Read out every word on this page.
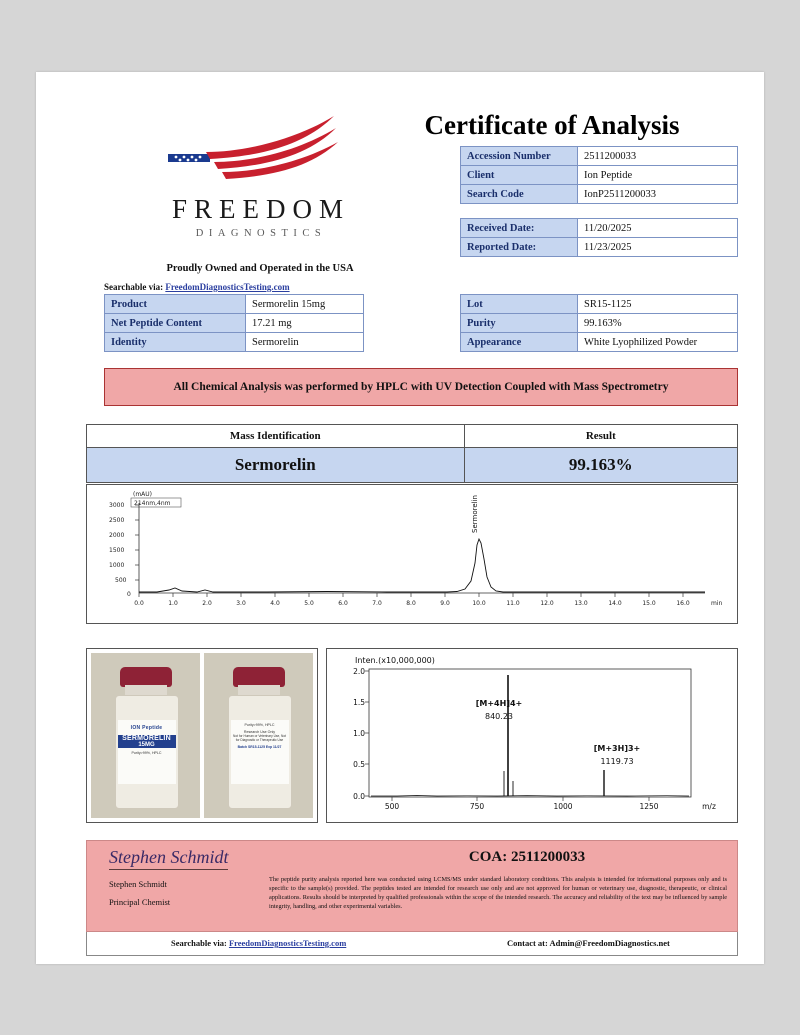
FREEDOM
DIAGNOSTICS
Proudly Owned and Operated in the USA
Searchable via: FreedomDiagnosticsTesting.com
Certificate of Analysis
Accession Number	2511200033
Client	Ion Peptide
Search Code	IonP2511200033
Received Date:	11/20/2025
Reported Date:	11/23/2025
Product	Sermorelin 15mg
Net Peptide Content	17.21 mg
Identity	Sermorelin
Lot	SR15-1125
Purity	99.163%
Appearance	White Lyophilized Powder
All Chemical Analysis was performed by HPLC with UV Detection Coupled with Mass Spectrometry
Mass Identification	Result
Sermorelin	99.163%
(mAU)
214nm,4nm
3000
2500
2000
1500
1000
500
0
0.0	1.0	2.0	3.0	4.0	5.0	6.0	7.0	8.0	9.0	10.0	11.0	12.0	13.0	14.0	15.0	16.0	min
Sermorelin
ION Peptide
SERMORELIN
15MG
Purity>99%, HPLC
Purity>99%, HPLC
Research Use Only
Not for Human or Veterinary Use, Not for Diagnostic or Therapeutic Use
Batch SR15-1125 Exp 11/27
Inten.(x10,000,000)
2.0
1.5
1.0
0.5
0.0
500	750	1000	1250	m/z
[M+4H]4+
840.23
[M+3H]3+
1119.73
Stephen Schmidt
Stephen Schmidt
Principal Chemist
COA: 2511200033
The peptide purity analysis reported here was conducted using LCMS/MS under standard laboratory conditions. This analysis is intended for informational purposes only and is specific to the sample(s) provided. The peptides tested are intended for research use only and are not approved for human or veterinary use, diagnostic, therapeutic, or clinical applications. Results should be interpreted by qualified professionals within the scope of the intended research. The accuracy and reliability of the text may be influenced by sample integrity, handling, and other experimental variables.
Searchable via: FreedomDiagnosticsTesting.com	Contact at: Admin@FreedomDiagnostics.net
